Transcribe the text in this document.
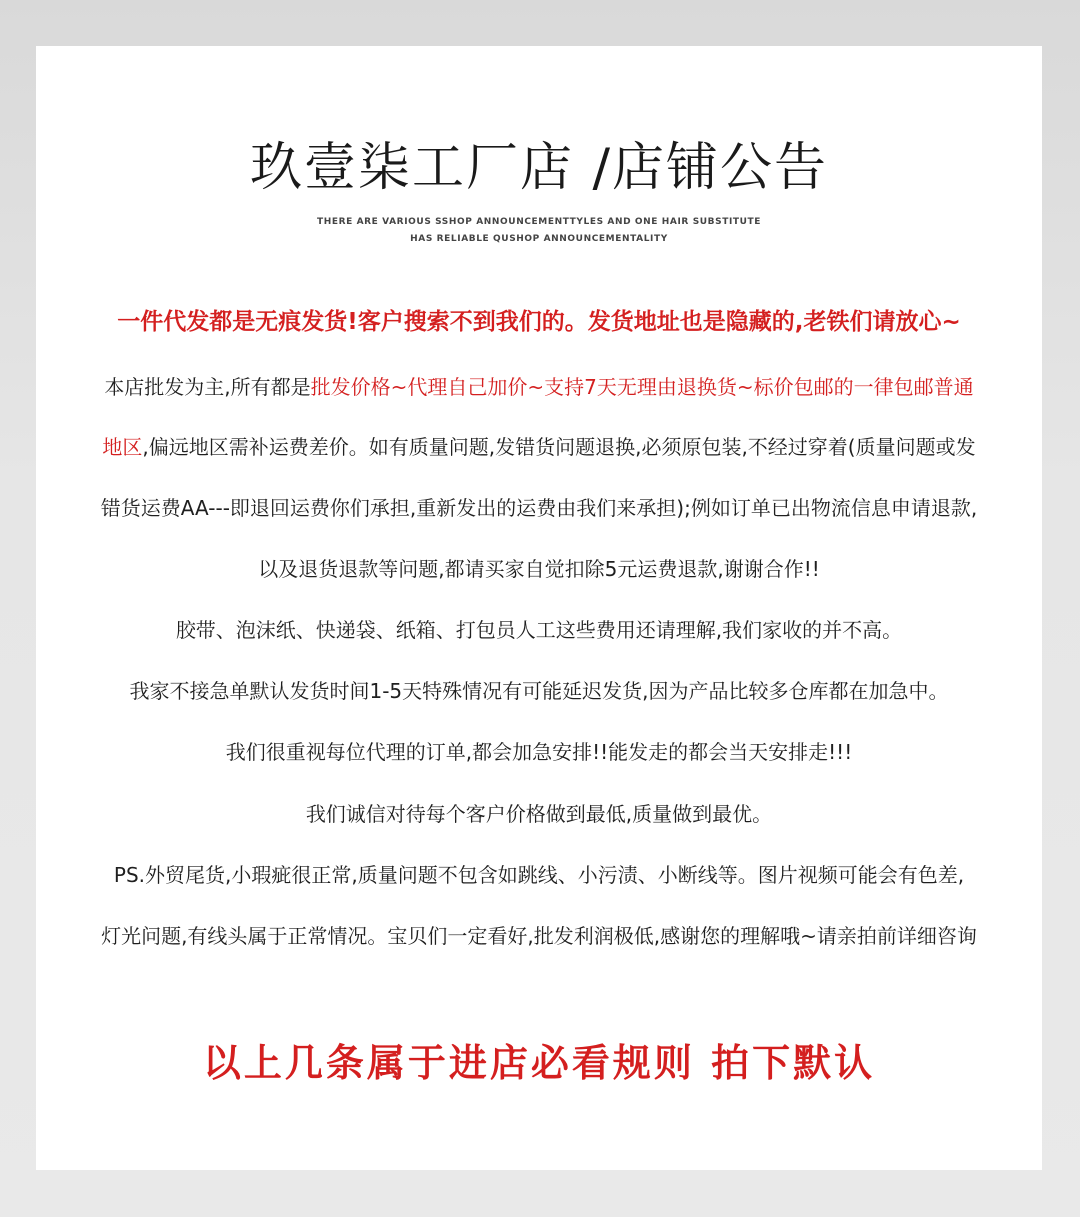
玖壹柒工厂店 /店铺公告
THERE ARE VARIOUS SSHOP ANNOUNCEMENTTYLES AND ONE HAIR SUBSTITUTE
HAS RELIABLE QUSHOP ANNOUNCEMENTALITY
一件代发都是无痕发货!客户搜索不到我们的。发货地址也是隐藏的,老铁们请放心~
本店批发为主,所有都是批发价格~代理自己加价~支持7天无理由退换货~标价包邮的一律包邮普通
地区,偏远地区需补运费差价。如有质量问题,发错货问题退换,必须原包装,不经过穿着(质量问题或发
错货运费AA---即退回运费你们承担,重新发出的运费由我们来承担);例如订单已出物流信息申请退款,
以及退货退款等问题,都请买家自觉扣除5元运费退款,谢谢合作!!
胶带、泡沫纸、快递袋、纸箱、打包员人工这些费用还请理解,我们家收的并不高。
我家不接急单默认发货时间1-5天特殊情况有可能延迟发货,因为产品比较多仓库都在加急中。
我们很重视每位代理的订单,都会加急安排!!能发走的都会当天安排走!!!
我们诚信对待每个客户价格做到最低,质量做到最优。
PS.外贸尾货,小瑕疵很正常,质量问题不包含如跳线、小污渍、小断线等。图片视频可能会有色差,
灯光问题,有线头属于正常情况。宝贝们一定看好,批发利润极低,感谢您的理解哦~请亲拍前详细咨询
以上几条属于进店必看规则 拍下默认
